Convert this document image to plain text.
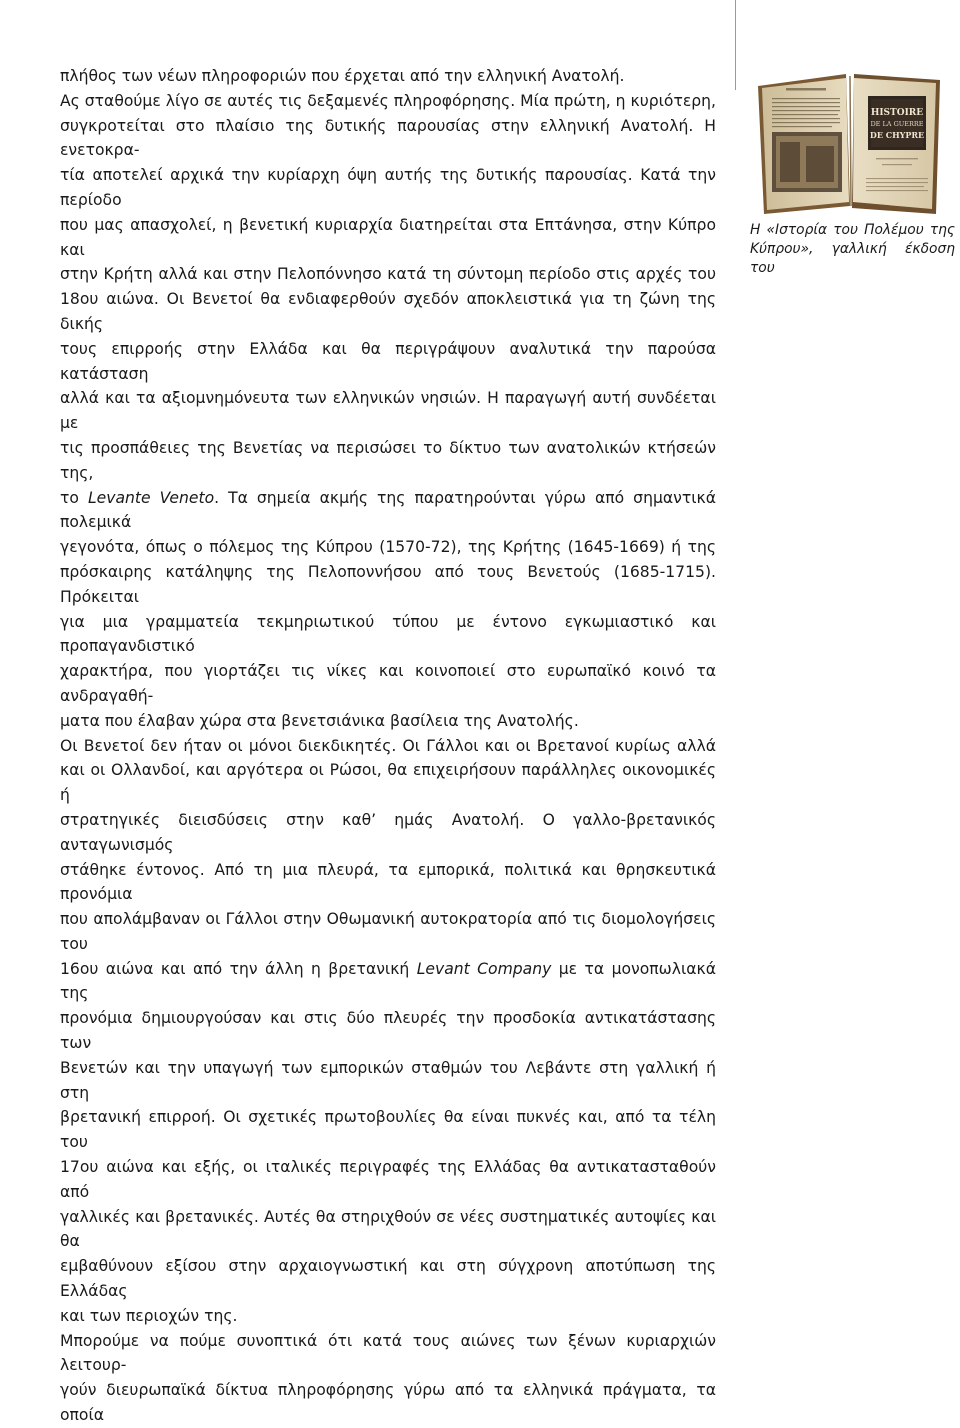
πλήθος των νέων πληροφοριών που έρχεται από την ελληνική Ανατολή.
Ας σταθούμε λίγο σε αυτές τις δεξαμενές πληροφόρησης. Μία πρώτη, η κυριότερη,
συγκροτείται στο πλαίσιο της δυτικής παρουσίας στην ελληνική Ανατολή. Η ενετοκρα-
τία αποτελεί αρχικά την κυρίαρχη όψη αυτής της δυτικής παρουσίας. Κατά την περίοδο
που μας απασχολεί, η βενετική κυριαρχία διατηρείται στα Επτάνησα, στην Κύπρο και
στην Κρήτη αλλά και στην Πελοπόννησο κατά τη σύντομη περίοδο στις αρχές του
18ου αιώνα. Οι Βενετοί θα ενδιαφερθούν σχεδόν αποκλειστικά για τη ζώνη της δικής
τους επιρροής στην Ελλάδα και θα περιγράψουν αναλυτικά την παρούσα κατάσταση
αλλά και τα αξιομνημόνευτα των ελληνικών νησιών. Η παραγωγή αυτή συνδέεται με
τις προσπάθειες της Βενετίας να περισώσει το δίκτυο των ανατολικών κτήσεών της,
το Levante Veneto. Τα σημεία ακμής της παρατηρούνται γύρω από σημαντικά πολεμικά
γεγονότα, όπως ο πόλεμος της Κύπρου (1570-72), της Κρήτης (1645-1669) ή της
πρόσκαιρης κατάληψης της Πελοποννήσου από τους Βενετούς (1685-1715). Πρόκειται
για μια γραμματεία τεκμηριωτικού τύπου με έντονο εγκωμιαστικό και προπαγανδιστικό
χαρακτήρα, που γιορτάζει τις νίκες και κοινοποιεί στο ευρωπαϊκό κοινό τα ανδραγαθή-
ματα που έλαβαν χώρα στα βενετσιάνικα βασίλεια της Ανατολής.
Οι Βενετοί δεν ήταν οι μόνοι διεκδικητές. Οι Γάλλοι και οι Βρετανοί κυρίως αλλά
και οι Ολλανδοί, και αργότερα οι Ρώσοι, θα επιχειρήσουν παράλληλες οικονομικές ή
στρατηγικές διεισδύσεις στην καθ’ ημάς Ανατολή. Ο γαλλο-βρετανικός ανταγωνισμός
στάθηκε έντονος. Από τη μια πλευρά, τα εμπορικά, πολιτικά και θρησκευτικά προνόμια
που απολάμβαναν οι Γάλλοι στην Οθωμανική αυτοκρατορία από τις διομολογήσεις του
16ου αιώνα και από την άλλη η βρετανική Levant Company με τα μονοπωλιακά της
προνόμια δημιουργούσαν και στις δύο πλευρές την προσδοκία αντικατάστασης των
Βενετών και την υπαγωγή των εμπορικών σταθμών του Λεβάντε στη γαλλική ή στη
βρετανική επιρροή. Οι σχετικές πρωτοβουλίες θα είναι πυκνές και, από τα τέλη του
17ου αιώνα και εξής, οι ιταλικές περιγραφές της Ελλάδας θα αντικατασταθούν από
γαλλικές και βρετανικές. Αυτές θα στηριχθούν σε νέες συστηματικές αυτοψίες και θα
εμβαθύνουν εξίσου στην αρχαιογνωστική και στη σύγχρονη αποτύπωση της Ελλάδας
και των περιοχών της.
Μπορούμε να πούμε συνοπτικά ότι κατά τους αιώνες των ξένων κυριαρχιών λειτουρ-
γούν διευρωπαϊκά δίκτυα πληροφόρησης γύρω από τα ελληνικά πράγματα, τα οποία

HISTOIRE
DE LA GUERRE
DE CHYPRE
Η «Ιστορία του Πολέμου της
Κύπρου», γαλλική έκδοση του
